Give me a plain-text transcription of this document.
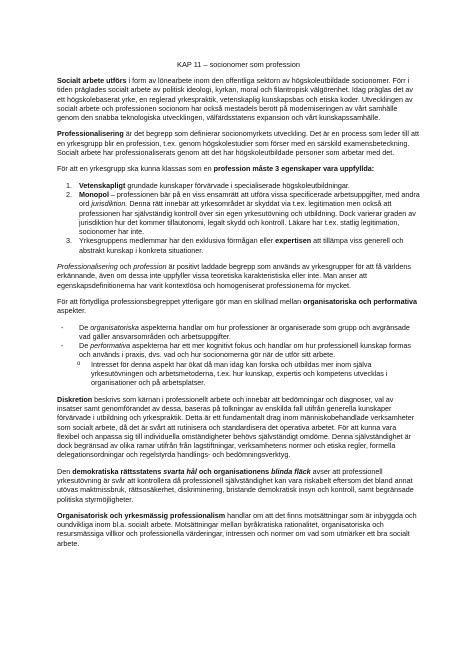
KAP 11 – socionomer som profession

Socialt arbete utförs i form av lönearbete inom den offentliga sektorn av högskoleutbildade socionomer. Förr i tiden präglades socialt arbete av politisk ideologi, kyrkan, moral och filantropisk välgörenhet. Idag präglas det av ett högskolebaserat yrke, en reglerad yrkespraktik, vetenskaplig kunskapsbas och etiska koder. Utvecklingen av socialt arbete och professionen socionom har också mestadels berott på moderniseringen av vårt samhälle genom den snabba teknologiska utvecklingen, välfärdsstatens expansion och vårt kunskapssamhälle.

Professionalisering är det begrepp som definierar socionomyrkets utveckling. Det är en process som leder till att en yrkesgrupp blir en profession, t.ex. genom högskolestudier som förser med en särskild examensbeteckning. Socialt arbete har professionaliserats genom att det har högskoleutbildade personer som arbetar med det.

För att en yrkesgrupp ska kunna klassas som en profession måste 3 egenskaper vara uppfyllda:

1. Vetenskapligt grundade kunskaper förvärvade i specialiserade högskoleutbildningar.
2. Monopol – professionen bär på en viss ensamrätt att utföra vissa specificerade arbetsuppgifter, med andra ord jurisdiktion. Denna rätt innebär att yrkesområdet är skyddat via t.ex. legitimation men också att professionen har självständig kontroll över sin egen yrkesutövning och utbildning. Dock varierar graden av jurisdiktion hur det kommer tillautonomi, legalt skydd och kontroll. Läkare har t.ex. statlig legitimation, socionomer har inte.
3. Yrkesgruppens medlemmar har den exklusiva förmågan eller expertisen att tillämpa viss generell och abstrakt kunskap i konkreta situationer.

Professionalisering och profession är positivt laddade begrepp som används av yrkesgrupper för att få världens erkännande, även om dessa inte uppfyller vissa teoretiska karakteristiska eller inte. Man anser att egenskapsdefinitionerna har varit kontextlösa och homogeniserat professionerna för mycket.

För att förtydliga professionsbegreppet ytterligare gör man en skillnad mellan organisatoriska och performativa aspekter.

- De organisatoriska aspekterna handlar om hur professioner är organiserade som grupp och avgränsade vad gäller ansvarsområden och arbetsuppgifter.
- De performativa aspekterna har ett mer kognitivt fokus och handlar om hur professionell kunskap formas och används i praxis, dvs. vad och hur socionomerna gör när de utför sitt arbete.
o Intresset för denna aspekt har ökat då man idag kan forska och utbildas mer inom själva yrkesutövningen och arbetsmetoderna, t.ex. hur kunskap, expertis och kompetens utvecklas i organisationer och på arbetsplatser.

Diskretion beskrivs som kärnan i professionellt arbete och innebär att bedömningar och diagnoser, val av insatser samt genomförandet av dessa, baseras på tolkningar av enskilda fall utifrån generella kunskaper förvärvade i utbildning och yrkespraktik. Detta är ett fundamentalt drag inom människobehandlade verksamheter som socialt arbete, då det är svårt att rutinisera och standardisera det operativa arbetet. För att kunna vara flexibel och anpassa sig till individuella omständigheter behövs självständigt omdöme. Denna självständighet är dock begränsad av olika ramar utifrån från lagstiftningar, verksamhetens normer och etiska regler, formella delegationsordningar och regelstyrda handlings- och bedömningsverktyg.

Den demokratiska rättsstatens svarta hål och organisationens blinda fläck avser att professionell yrkesutövning är svår att kontrollera då professionell självständighet kan vara riskabelt eftersom det bland annat utövas maktmissbruk, rättsosäkerhet, diskriminering, bristande demokratisk insyn och kontroll, samt begränsade politiska styrmöjligheter.

Organisatorisk och yrkesmässig professionalism handlar om att det finns motsättningar som är inbyggda och oundvikliga inom bl.a. socialt arbete. Motsättningar mellan byråkratiska rationalitet, organisatoriska och resursmässiga villkor och professionella värderingar, intressen och normer om vad som utmärker ett bra socialt arbete.
